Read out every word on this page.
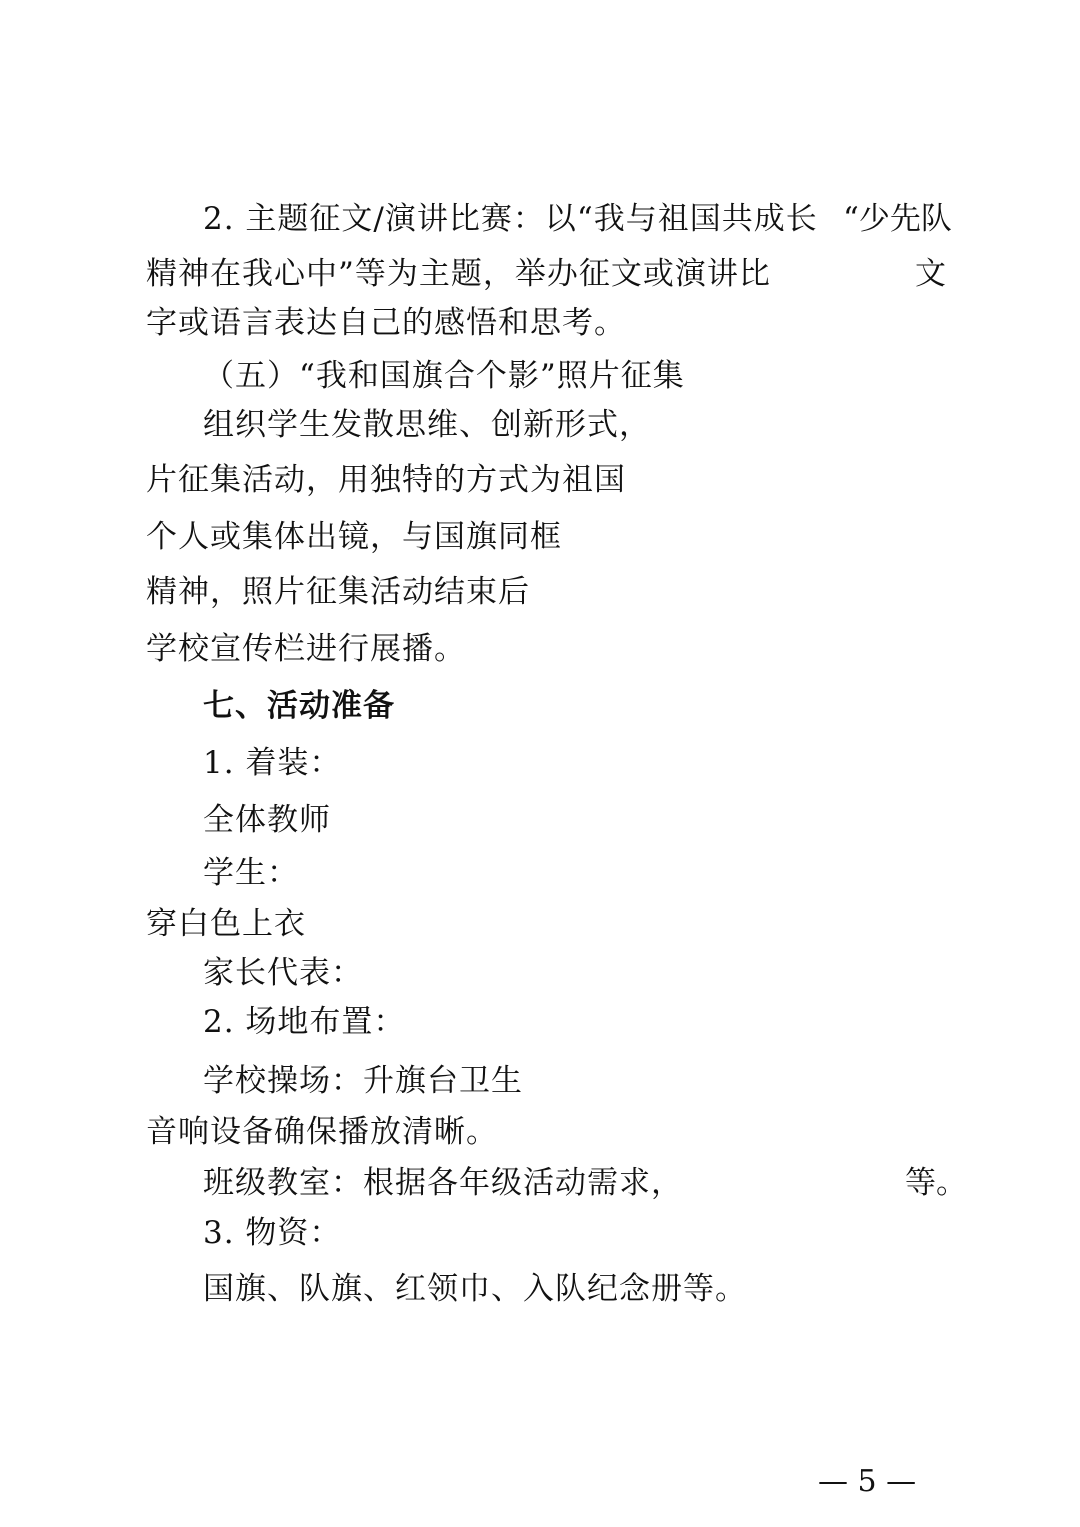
2. 主题征文/演讲比赛：以“我与祖国共成长 “少先队
精神在我心中”等为主题，举办征文或演讲比	文
字或语言表达自己的感悟和思考。
（五）“我和国旗合个影”照片征集
组织学生发散思维、创新形式，
片征集活动，用独特的方式为祖国
个人或集体出镜，与国旗同框
精神，照片征集活动结束后
学校宣传栏进行展播。
七、活动准备
1. 着装：
全体教师
学生：
穿白色上衣
家长代表：
2. 场地布置：
学校操场：升旗台卫生
音响设备确保播放清晰。
班级教室：根据各年级活动需求，	等。
3. 物资：
国旗、队旗、红领巾、入队纪念册等。
— 5 —
